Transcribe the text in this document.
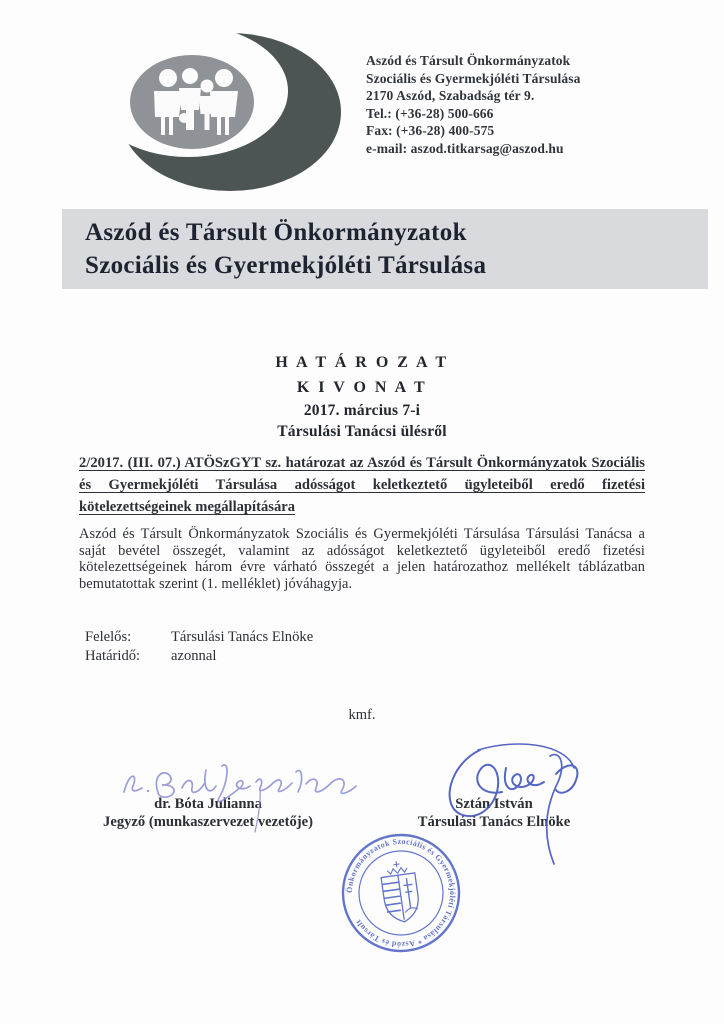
Aszód és Társult Önkormányzatok
Szociális és Gyermekjóléti Társulása
2170 Aszód, Szabadság tér 9.
Tel.: (+36-28) 500-666
Fax: (+36-28) 400-575
e-mail: aszod.titkarsag@aszod.hu
Aszód és Társult Önkormányzatok
Szociális és Gyermekjóléti Társulása
H A T Á R O Z A T
K I V O N A T
2017. március 7-i
Társulási Tanácsi ülésről
2/2017. (III. 07.) ATÖSzGYT sz. határozat az Aszód és Társult Önkormányzatok Szociális és Gyermekjóléti Társulása adósságot keletkeztető ügyleteiből eredő fizetési kötelezettségeinek megállapítására
Aszód és Társult Önkormányzatok Szociális és Gyermekjóléti Társulása Társulási Tanácsa a saját bevétel összegét, valamint az adósságot keletkeztető ügyleteiből eredő fizetési kötelezettségeinek három évre várható összegét a jelen határozathoz mellékelt táblázatban bemutatottak szerint (1. melléklet) jóváhagyja.
Felelős:	Társulási Tanács Elnöke
Határidő:	azonnal
kmf.
dr. Bóta Julianna
Jegyző (munkaszervezet vezetője)
Sztán István
Társulási Tanács Elnöke
Önkormányzatok Szociális és Gyermekjóléti Társulása * Aszód és Társult
